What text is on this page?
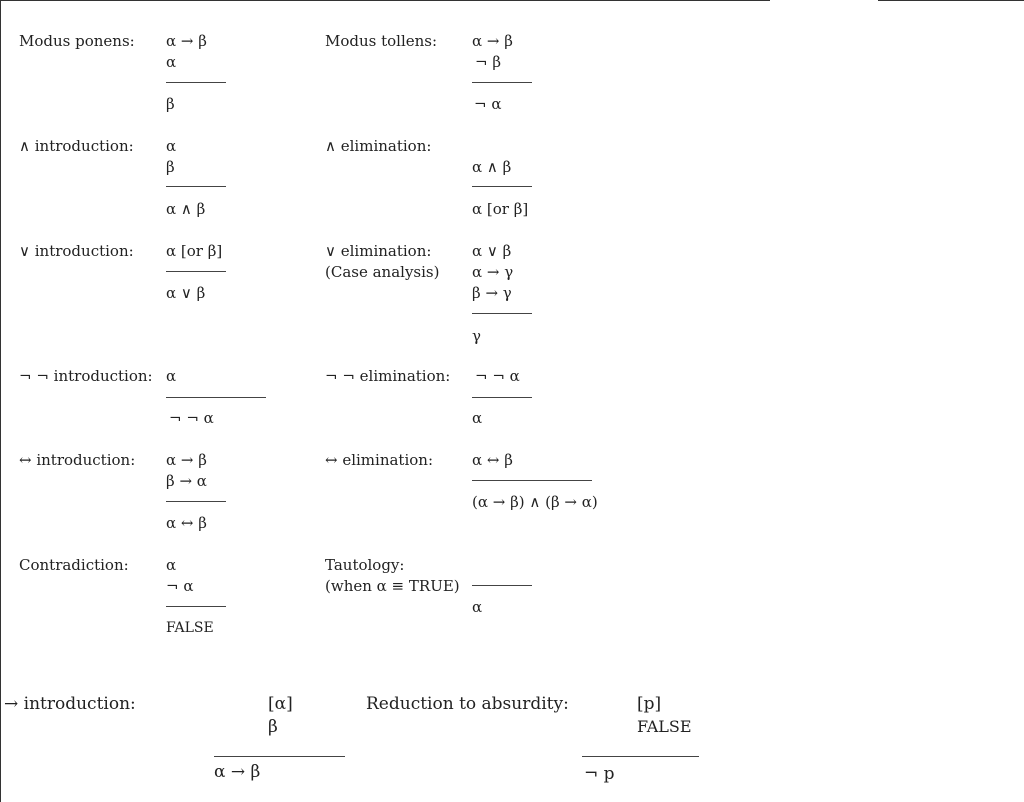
Modus ponens: α → β
α
β
Modus tollens: α → β
¬ β
¬ α
∧ introduction: α
β
α ∧ β
∧ elimination:
α ∧ β
α [or β]
∨ introduction: α [or β]
α ∨ β
∨ elimination:
(Case analysis)
α ∨ β
α → γ
β → γ
γ
¬ ¬ introduction: α
¬ ¬ α
¬ ¬ elimination: ¬ ¬ α
α
↔ introduction: α → β
β → α
α ↔ β
↔ elimination:	α ↔ β
(α → β) ∧ (β → α)
Contradiction: α
¬ α
FALSE
Tautology:
(when α ≡ TRUE)
α
→ introduction:	[α]
β
α → β
Reduction to absurdity:	[p]
FALSE
¬ p
